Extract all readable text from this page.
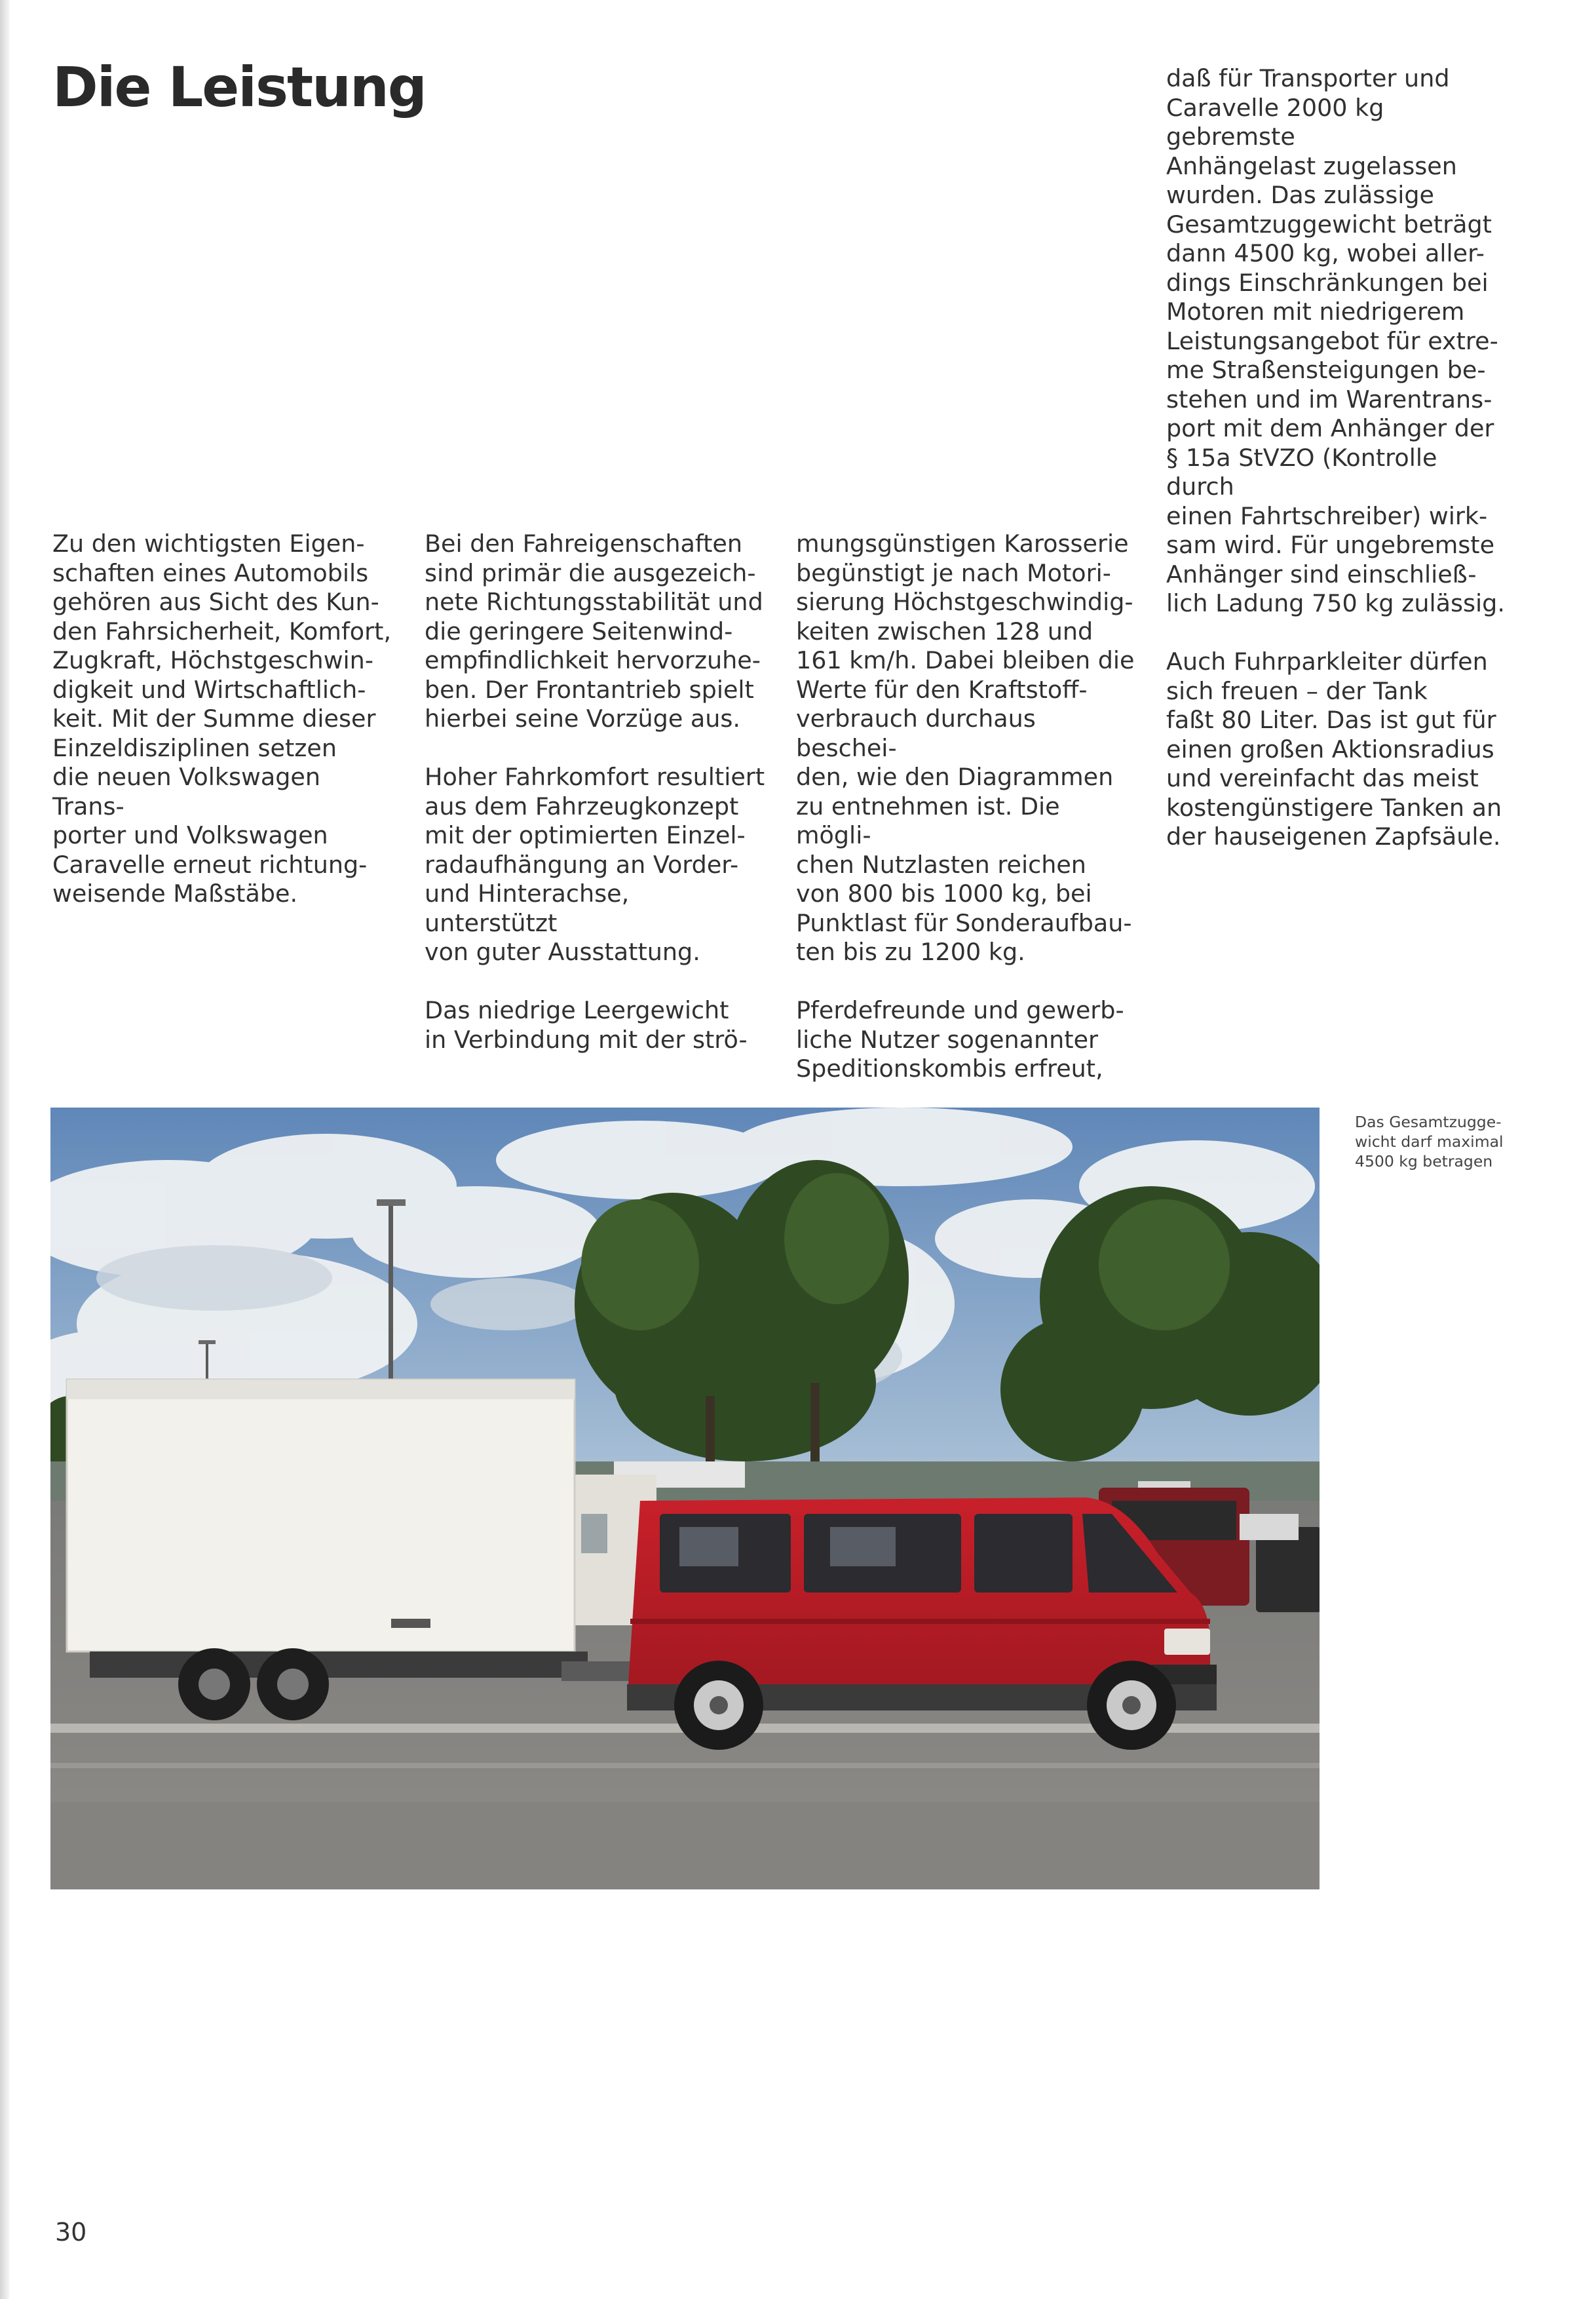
Die Leistung

Zu den wichtigsten Eigen-
schaften eines Automobils
gehören aus Sicht des Kun-
den Fahrsicherheit, Komfort,
Zugkraft, Höchstgeschwin-
digkeit und Wirtschaftlich-
keit. Mit der Summe dieser
Einzeldisziplinen setzen
die neuen Volkswagen Trans-
porter und Volkswagen
Caravelle erneut richtung-
weisende Maßstäbe.

Bei den Fahreigenschaften
sind primär die ausgezeich-
nete Richtungsstabilität und
die geringere Seitenwind-
empfindlichkeit hervorzuhe-
ben. Der Frontantrieb spielt
hierbei seine Vorzüge aus.

Hoher Fahrkomfort resultiert
aus dem Fahrzeugkonzept
mit der optimierten Einzel-
radaufhängung an Vorder-
und Hinterachse, unterstützt
von guter Ausstattung.

Das niedrige Leergewicht
in Verbindung mit der strö-

mungsgünstigen Karosserie
begünstigt je nach Motori-
sierung Höchstgeschwindig-
keiten zwischen 128 und
161 km/h. Dabei bleiben die
Werte für den Kraftstoff-
verbrauch durchaus beschei-
den, wie den Diagrammen
zu entnehmen ist. Die mögli-
chen Nutzlasten reichen
von 800 bis 1000 kg, bei
Punktlast für Sonderaufbau-
ten bis zu 1200 kg.

Pferdefreunde und gewerb-
liche Nutzer sogenannter
Speditionskombis erfreut,

daß für Transporter und
Caravelle 2000 kg gebremste
Anhängelast zugelassen
wurden. Das zulässige
Gesamtzuggewicht beträgt
dann 4500 kg, wobei aller-
dings Einschränkungen bei
Motoren mit niedrigerem
Leistungsangebot für extre-
me Straßensteigungen be-
stehen und im Warentrans-
port mit dem Anhänger der
§ 15a StVZO (Kontrolle durch
einen Fahrtschreiber) wirk-
sam wird. Für ungebremste
Anhänger sind einschließ-
lich Ladung 750 kg zulässig.

Auch Fuhrparkleiter dürfen
sich freuen – der Tank
faßt 80 Liter. Das ist gut für
einen großen Aktionsradius
und vereinfacht das meist
kostengünstigere Tanken an
der hauseigenen Zapfsäule.

Das Gesamtzugge-
wicht darf maximal
4500 kg betragen

30
